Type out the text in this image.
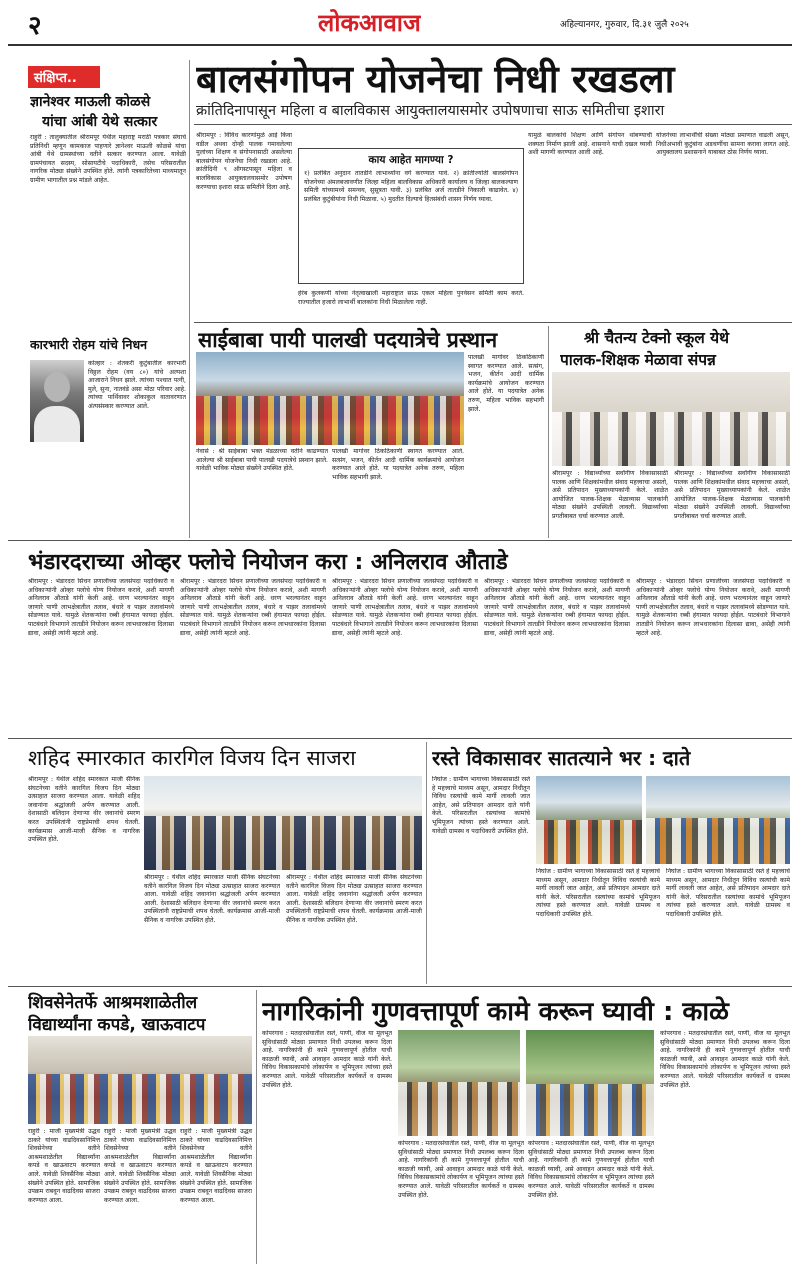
२	लोकआवाज	अहिल्यानगर, गुरुवार, दि.३१ जुलै २०२५
संक्षिप्त..
ज्ञानेश्वर माऊली कोळसे
यांचा आंबी येथे सत्कार
राहुरी : तालुक्यातील श्रीरामपूर येथील महाराष्ट्र मराठी पत्रकार संघाचे प्रतिनिधी म्हणून कामकाज पाहणारे ज्ञानेश्वर माऊली कोळसे यांचा आंबी येथे ग्रामस्थांच्या वतीने सत्कार करण्यात आला. यावेळी ग्रामपंचायत सदस्य, सोसायटीचे पदाधिकारी, तसेच परिसरातील नागरिक मोठ्या संख्येने उपस्थित होते. त्यांनी पत्रकारितेच्या माध्यमातून ग्रामीण भागातील प्रश्न मांडले आहेत.
कारभारी रोहम यांचे निधन
कोल्हार : शेतकरी कुटुंबातील कारभारी विठ्ठल रोहम (वय ८०) यांचे अल्पशा आजाराने निधन झाले. त्यांच्या पश्चात पत्नी, मुले, सुना, नातवंडे असा मोठा परिवार आहे. त्यांच्या पार्थिवावर शोकाकुल वातावरणात अंत्यसंस्कार करण्यात आले.
बालसंगोपन योजनेचा निधी रखडला
क्रांतिदिनापासून महिला व बालविकास आयुक्तालयासमोर उपोषणाचा साऊ समितीचा इशारा
श्रीरामपूर : विविध कारणांमुळे आई किंवा वडील अथवा दोन्ही पालक गमावलेल्या मुलांच्या शिक्षण व संगोपनासाठी असलेल्या बालसंगोपन योजनेचा निधी रखडला आहे. क्रांतीदिनी ९ ऑगस्टपासून महिला व बालविकास आयुक्तालयासमोर उपोषण करण्याचा इशारा साऊ समितीने दिला आहे.
काय आहेत मागण्या ?
१) प्रलंबित अनुदान तातडीने लाभार्थ्यांना वर्ग करण्यात यावे. २) क्रांतीज्योती बालसंगोपन योजनेच्या अंमलबजावणीत जिल्हा महिला बालविकास अधिकारी कार्यालय व जिल्हा बालकल्याण समिती यांच्यामध्ये समन्वय, सुसूत्रता यावी. ३) प्रलंबित अर्ज तातडीने निकाली काढावेत. ४) प्रलंबित कुटुंबीयांना निधी मिळावा. ५) मुदतीत दिल्याचे हितसंबंधी शासन निर्णय घ्यावा.
हेरंब कुलकर्णी यांच्या नेतृत्वाखाली महाराष्ट्रात साऊ एकल महिला पुनर्वसन समिती काम करते. राज्यातील हजारो लाभार्थी बालकांना निधी मिळालेला नाही.
यामुळे बालकांचे शिक्षण आणि संगोपन थांबण्याची शक्यता निर्माण झाली आहे. शासनाने याची दखल घ्यावी अशी मागणी करण्यात आली आहे.
योजनेच्या लाभार्थींची संख्या मोठ्या प्रमाणात वाढली असून, निधीअभावी कुटुंबांना अडचणींचा सामना करावा लागत आहे. आयुक्तालय प्रशासनाने याबाबत ठोस निर्णय घ्यावा.
साईबाबा पायी पालखी पदयात्रेचे प्रस्थान
नेवासे : श्री साईबाबा भक्त मंडळाच्या वतीने काढण्यात आलेल्या श्री साईबाबा पायी पालखी पदयात्रेचे प्रस्थान झाले. यावेळी भाविक मोठ्या संख्येने उपस्थित होते.
पालखी मार्गावर ठिकठिकाणी स्वागत करण्यात आले. सत्संग, भजन, कीर्तन आदी धार्मिक कार्यक्रमांचे आयोजन करण्यात आले होते. या पदयात्रेत अनेक तरुण, महिला भाविक सहभागी झाले.
पालखी मार्गावर ठिकठिकाणी स्वागत करण्यात आले. सत्संग, भजन, कीर्तन आदी धार्मिक कार्यक्रमांचे आयोजन करण्यात आले होते. या पदयात्रेत अनेक तरुण, महिला भाविक सहभागी झाले.
श्री चैतन्य टेक्नो स्कूल येथे
पालक-शिक्षक मेळावा संपन्न
श्रीरामपूर : विद्यार्थ्यांच्या सर्वांगीण विकासासाठी पालक आणि शिक्षकांमधील संवाद महत्त्वाचा असतो, असे प्रतिपादन मुख्याध्यापकांनी केले. शाळेत आयोजित पालक-शिक्षक मेळाव्यास पालकांनी मोठ्या संख्येने उपस्थिती लावली. विद्यार्थ्यांच्या प्रगतीबाबत चर्चा करण्यात आली.
श्रीरामपूर : विद्यार्थ्यांच्या सर्वांगीण विकासासाठी पालक आणि शिक्षकांमधील संवाद महत्त्वाचा असतो, असे प्रतिपादन मुख्याध्यापकांनी केले. शाळेत आयोजित पालक-शिक्षक मेळाव्यास पालकांनी मोठ्या संख्येने उपस्थिती लावली. विद्यार्थ्यांच्या प्रगतीबाबत चर्चा करण्यात आली.
भंडारदराच्या ओव्हर फ्लोचे नियोजन करा : अनिलराव औताडे
श्रीरामपूर : भंडारदरा सिंचन प्रणालीच्या जलसंपदा पदाधिकारी व अधिकाऱ्यांनी ओव्हर फ्लोचे योग्य नियोजन करावे, अशी मागणी अनिलराव औताडे यांनी केली आहे. धरण भरल्यानंतर वाहून जाणारे पाणी लाभक्षेत्रातील तलाव, बंधारे व पाझर तलावांमध्ये सोडण्यात यावे. यामुळे शेतकऱ्यांना रब्बी हंगामात फायदा होईल. पाटबंधारे विभागाने तातडीने नियोजन करून लाभधारकांना दिलासा द्यावा, असेही त्यांनी म्हटले आहे.
श्रीरामपूर : भंडारदरा सिंचन प्रणालीच्या जलसंपदा पदाधिकारी व अधिकाऱ्यांनी ओव्हर फ्लोचे योग्य नियोजन करावे, अशी मागणी अनिलराव औताडे यांनी केली आहे. धरण भरल्यानंतर वाहून जाणारे पाणी लाभक्षेत्रातील तलाव, बंधारे व पाझर तलावांमध्ये सोडण्यात यावे. यामुळे शेतकऱ्यांना रब्बी हंगामात फायदा होईल. पाटबंधारे विभागाने तातडीने नियोजन करून लाभधारकांना दिलासा द्यावा, असेही त्यांनी म्हटले आहे.
श्रीरामपूर : भंडारदरा सिंचन प्रणालीच्या जलसंपदा पदाधिकारी व अधिकाऱ्यांनी ओव्हर फ्लोचे योग्य नियोजन करावे, अशी मागणी अनिलराव औताडे यांनी केली आहे. धरण भरल्यानंतर वाहून जाणारे पाणी लाभक्षेत्रातील तलाव, बंधारे व पाझर तलावांमध्ये सोडण्यात यावे. यामुळे शेतकऱ्यांना रब्बी हंगामात फायदा होईल. पाटबंधारे विभागाने तातडीने नियोजन करून लाभधारकांना दिलासा द्यावा, असेही त्यांनी म्हटले आहे.
श्रीरामपूर : भंडारदरा सिंचन प्रणालीच्या जलसंपदा पदाधिकारी व अधिकाऱ्यांनी ओव्हर फ्लोचे योग्य नियोजन करावे, अशी मागणी अनिलराव औताडे यांनी केली आहे. धरण भरल्यानंतर वाहून जाणारे पाणी लाभक्षेत्रातील तलाव, बंधारे व पाझर तलावांमध्ये सोडण्यात यावे. यामुळे शेतकऱ्यांना रब्बी हंगामात फायदा होईल. पाटबंधारे विभागाने तातडीने नियोजन करून लाभधारकांना दिलासा द्यावा, असेही त्यांनी म्हटले आहे.
श्रीरामपूर : भंडारदरा सिंचन प्रणालीच्या जलसंपदा पदाधिकारी व अधिकाऱ्यांनी ओव्हर फ्लोचे योग्य नियोजन करावे, अशी मागणी अनिलराव औताडे यांनी केली आहे. धरण भरल्यानंतर वाहून जाणारे पाणी लाभक्षेत्रातील तलाव, बंधारे व पाझर तलावांमध्ये सोडण्यात यावे. यामुळे शेतकऱ्यांना रब्बी हंगामात फायदा होईल. पाटबंधारे विभागाने तातडीने नियोजन करून लाभधारकांना दिलासा द्यावा, असेही त्यांनी म्हटले आहे.
शहिद स्मारकात कारगिल विजय दिन साजरा
श्रीरामपूर : येथील शहिद स्मारकात माजी सैनिक संघटनेच्या वतीने कारगिल विजय दिन मोठ्या उत्साहात साजरा करण्यात आला. यावेळी शहिद जवानांना श्रद्धांजली अर्पण करण्यात आली. देशासाठी बलिदान देणाऱ्या वीर जवानांचे स्मरण करत उपस्थितांनी राष्ट्रप्रेमाची शपथ घेतली. कार्यक्रमास आजी-माजी सैनिक व नागरिक उपस्थित होते.
श्रीरामपूर : येथील शहिद स्मारकात माजी सैनिक संघटनेच्या वतीने कारगिल विजय दिन मोठ्या उत्साहात साजरा करण्यात आला. यावेळी शहिद जवानांना श्रद्धांजली अर्पण करण्यात आली. देशासाठी बलिदान देणाऱ्या वीर जवानांचे स्मरण करत उपस्थितांनी राष्ट्रप्रेमाची शपथ घेतली. कार्यक्रमास आजी-माजी सैनिक व नागरिक उपस्थित होते.
श्रीरामपूर : येथील शहिद स्मारकात माजी सैनिक संघटनेच्या वतीने कारगिल विजय दिन मोठ्या उत्साहात साजरा करण्यात आला. यावेळी शहिद जवानांना श्रद्धांजली अर्पण करण्यात आली. देशासाठी बलिदान देणाऱ्या वीर जवानांचे स्मरण करत उपस्थितांनी राष्ट्रप्रेमाची शपथ घेतली. कार्यक्रमास आजी-माजी सैनिक व नागरिक उपस्थित होते.
रस्ते विकासावर सातत्याने भर : दाते
निघोज : ग्रामीण भागाच्या विकासासाठी रस्ते हे महत्त्वाचे माध्यम असून, आमदार निधीतून विविध रस्त्यांची कामे मार्गी लावली जात आहेत, असे प्रतिपादन आमदार दाते यांनी केले. परिसरातील रस्त्यांच्या कामांचे भूमिपूजन त्यांच्या हस्ते करण्यात आले. यावेळी ग्रामस्थ व पदाधिकारी उपस्थित होते.
निघोज : ग्रामीण भागाच्या विकासासाठी रस्ते हे महत्त्वाचे माध्यम असून, आमदार निधीतून विविध रस्त्यांची कामे मार्गी लावली जात आहेत, असे प्रतिपादन आमदार दाते यांनी केले. परिसरातील रस्त्यांच्या कामांचे भूमिपूजन त्यांच्या हस्ते करण्यात आले. यावेळी ग्रामस्थ व पदाधिकारी उपस्थित होते.
निघोज : ग्रामीण भागाच्या विकासासाठी रस्ते हे महत्त्वाचे माध्यम असून, आमदार निधीतून विविध रस्त्यांची कामे मार्गी लावली जात आहेत, असे प्रतिपादन आमदार दाते यांनी केले. परिसरातील रस्त्यांच्या कामांचे भूमिपूजन त्यांच्या हस्ते करण्यात आले. यावेळी ग्रामस्थ व पदाधिकारी उपस्थित होते.
शिवसेनेतर्फे आश्रमशाळेतील
विद्यार्थ्यांना कपडे, खाऊवाटप
राहुरी : माजी मुख्यमंत्री उद्धव ठाकरे यांच्या वाढदिवसानिमित्त शिवसेनेच्या वतीने आश्रमशाळेतील विद्यार्थ्यांना कपडे व खाऊवाटप करण्यात आले. यावेळी शिवसैनिक मोठ्या संख्येने उपस्थित होते. सामाजिक उपक्रम राबवून वाढदिवस साजरा करण्यात आला.
राहुरी : माजी मुख्यमंत्री उद्धव ठाकरे यांच्या वाढदिवसानिमित्त शिवसेनेच्या वतीने आश्रमशाळेतील विद्यार्थ्यांना कपडे व खाऊवाटप करण्यात आले. यावेळी शिवसैनिक मोठ्या संख्येने उपस्थित होते. सामाजिक उपक्रम राबवून वाढदिवस साजरा करण्यात आला.
राहुरी : माजी मुख्यमंत्री उद्धव ठाकरे यांच्या वाढदिवसानिमित्त शिवसेनेच्या वतीने आश्रमशाळेतील विद्यार्थ्यांना कपडे व खाऊवाटप करण्यात आले. यावेळी शिवसैनिक मोठ्या संख्येने उपस्थित होते. सामाजिक उपक्रम राबवून वाढदिवस साजरा करण्यात आला.
नागरिकांनी गुणवत्तापूर्ण कामे करून घ्यावी : काळे
कोपरगाव : मतदारसंघातील रस्ते, पाणी, वीज या मूलभूत सुविधांसाठी मोठ्या प्रमाणात निधी उपलब्ध करून दिला आहे. नागरिकांनी ही कामे गुणवत्तापूर्ण होतील याची काळजी घ्यावी, असे आवाहन आमदार काळे यांनी केले. विविध विकासकामांचे लोकार्पण व भूमिपूजन त्यांच्या हस्ते करण्यात आले. यावेळी परिसरातील कार्यकर्ते व ग्रामस्थ उपस्थित होते.
कोपरगाव : मतदारसंघातील रस्ते, पाणी, वीज या मूलभूत सुविधांसाठी मोठ्या प्रमाणात निधी उपलब्ध करून दिला आहे. नागरिकांनी ही कामे गुणवत्तापूर्ण होतील याची काळजी घ्यावी, असे आवाहन आमदार काळे यांनी केले. विविध विकासकामांचे लोकार्पण व भूमिपूजन त्यांच्या हस्ते करण्यात आले. यावेळी परिसरातील कार्यकर्ते व ग्रामस्थ उपस्थित होते.
कोपरगाव : मतदारसंघातील रस्ते, पाणी, वीज या मूलभूत सुविधांसाठी मोठ्या प्रमाणात निधी उपलब्ध करून दिला आहे. नागरिकांनी ही कामे गुणवत्तापूर्ण होतील याची काळजी घ्यावी, असे आवाहन आमदार काळे यांनी केले. विविध विकासकामांचे लोकार्पण व भूमिपूजन त्यांच्या हस्ते करण्यात आले. यावेळी परिसरातील कार्यकर्ते व ग्रामस्थ उपस्थित होते.
कोपरगाव : मतदारसंघातील रस्ते, पाणी, वीज या मूलभूत सुविधांसाठी मोठ्या प्रमाणात निधी उपलब्ध करून दिला आहे. नागरिकांनी ही कामे गुणवत्तापूर्ण होतील याची काळजी घ्यावी, असे आवाहन आमदार काळे यांनी केले. विविध विकासकामांचे लोकार्पण व भूमिपूजन त्यांच्या हस्ते करण्यात आले. यावेळी परिसरातील कार्यकर्ते व ग्रामस्थ उपस्थित होते.
